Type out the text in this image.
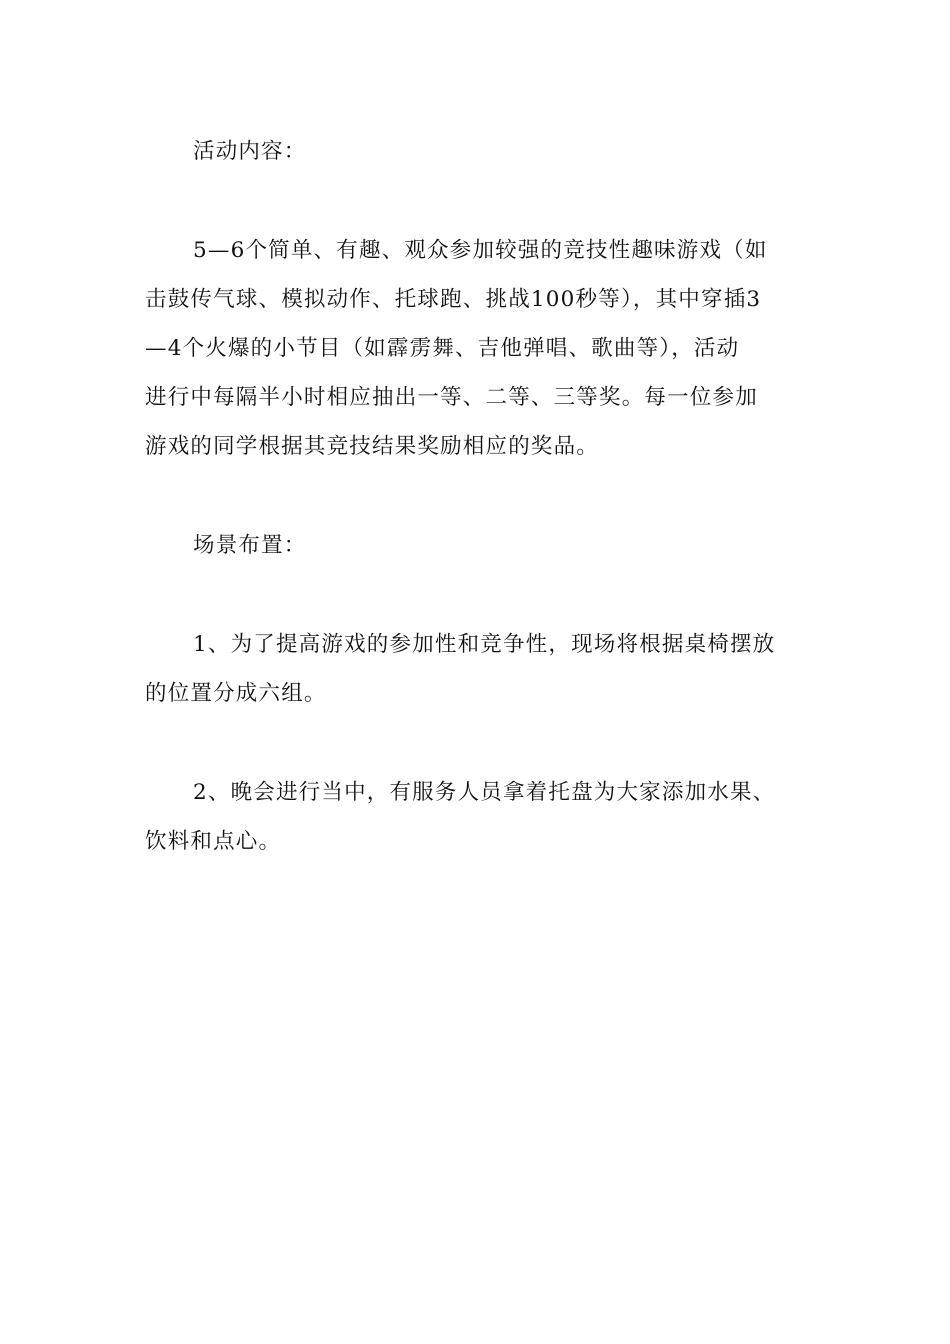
活动内容：

5—6个简单、有趣、观众参加较强的竞技性趣味游戏（如
击鼓传气球、模拟动作、托球跑、挑战100秒等），其中穿插3
—4个火爆的小节目（如霹雳舞、吉他弹唱、歌曲等），活动
进行中每隔半小时相应抽出一等、二等、三等奖。每一位参加
游戏的同学根据其竞技结果奖励相应的奖品。

场景布置：

1、为了提高游戏的参加性和竞争性，现场将根据桌椅摆放
的位置分成六组。

2、晚会进行当中，有服务人员拿着托盘为大家添加水果、
饮料和点心。
